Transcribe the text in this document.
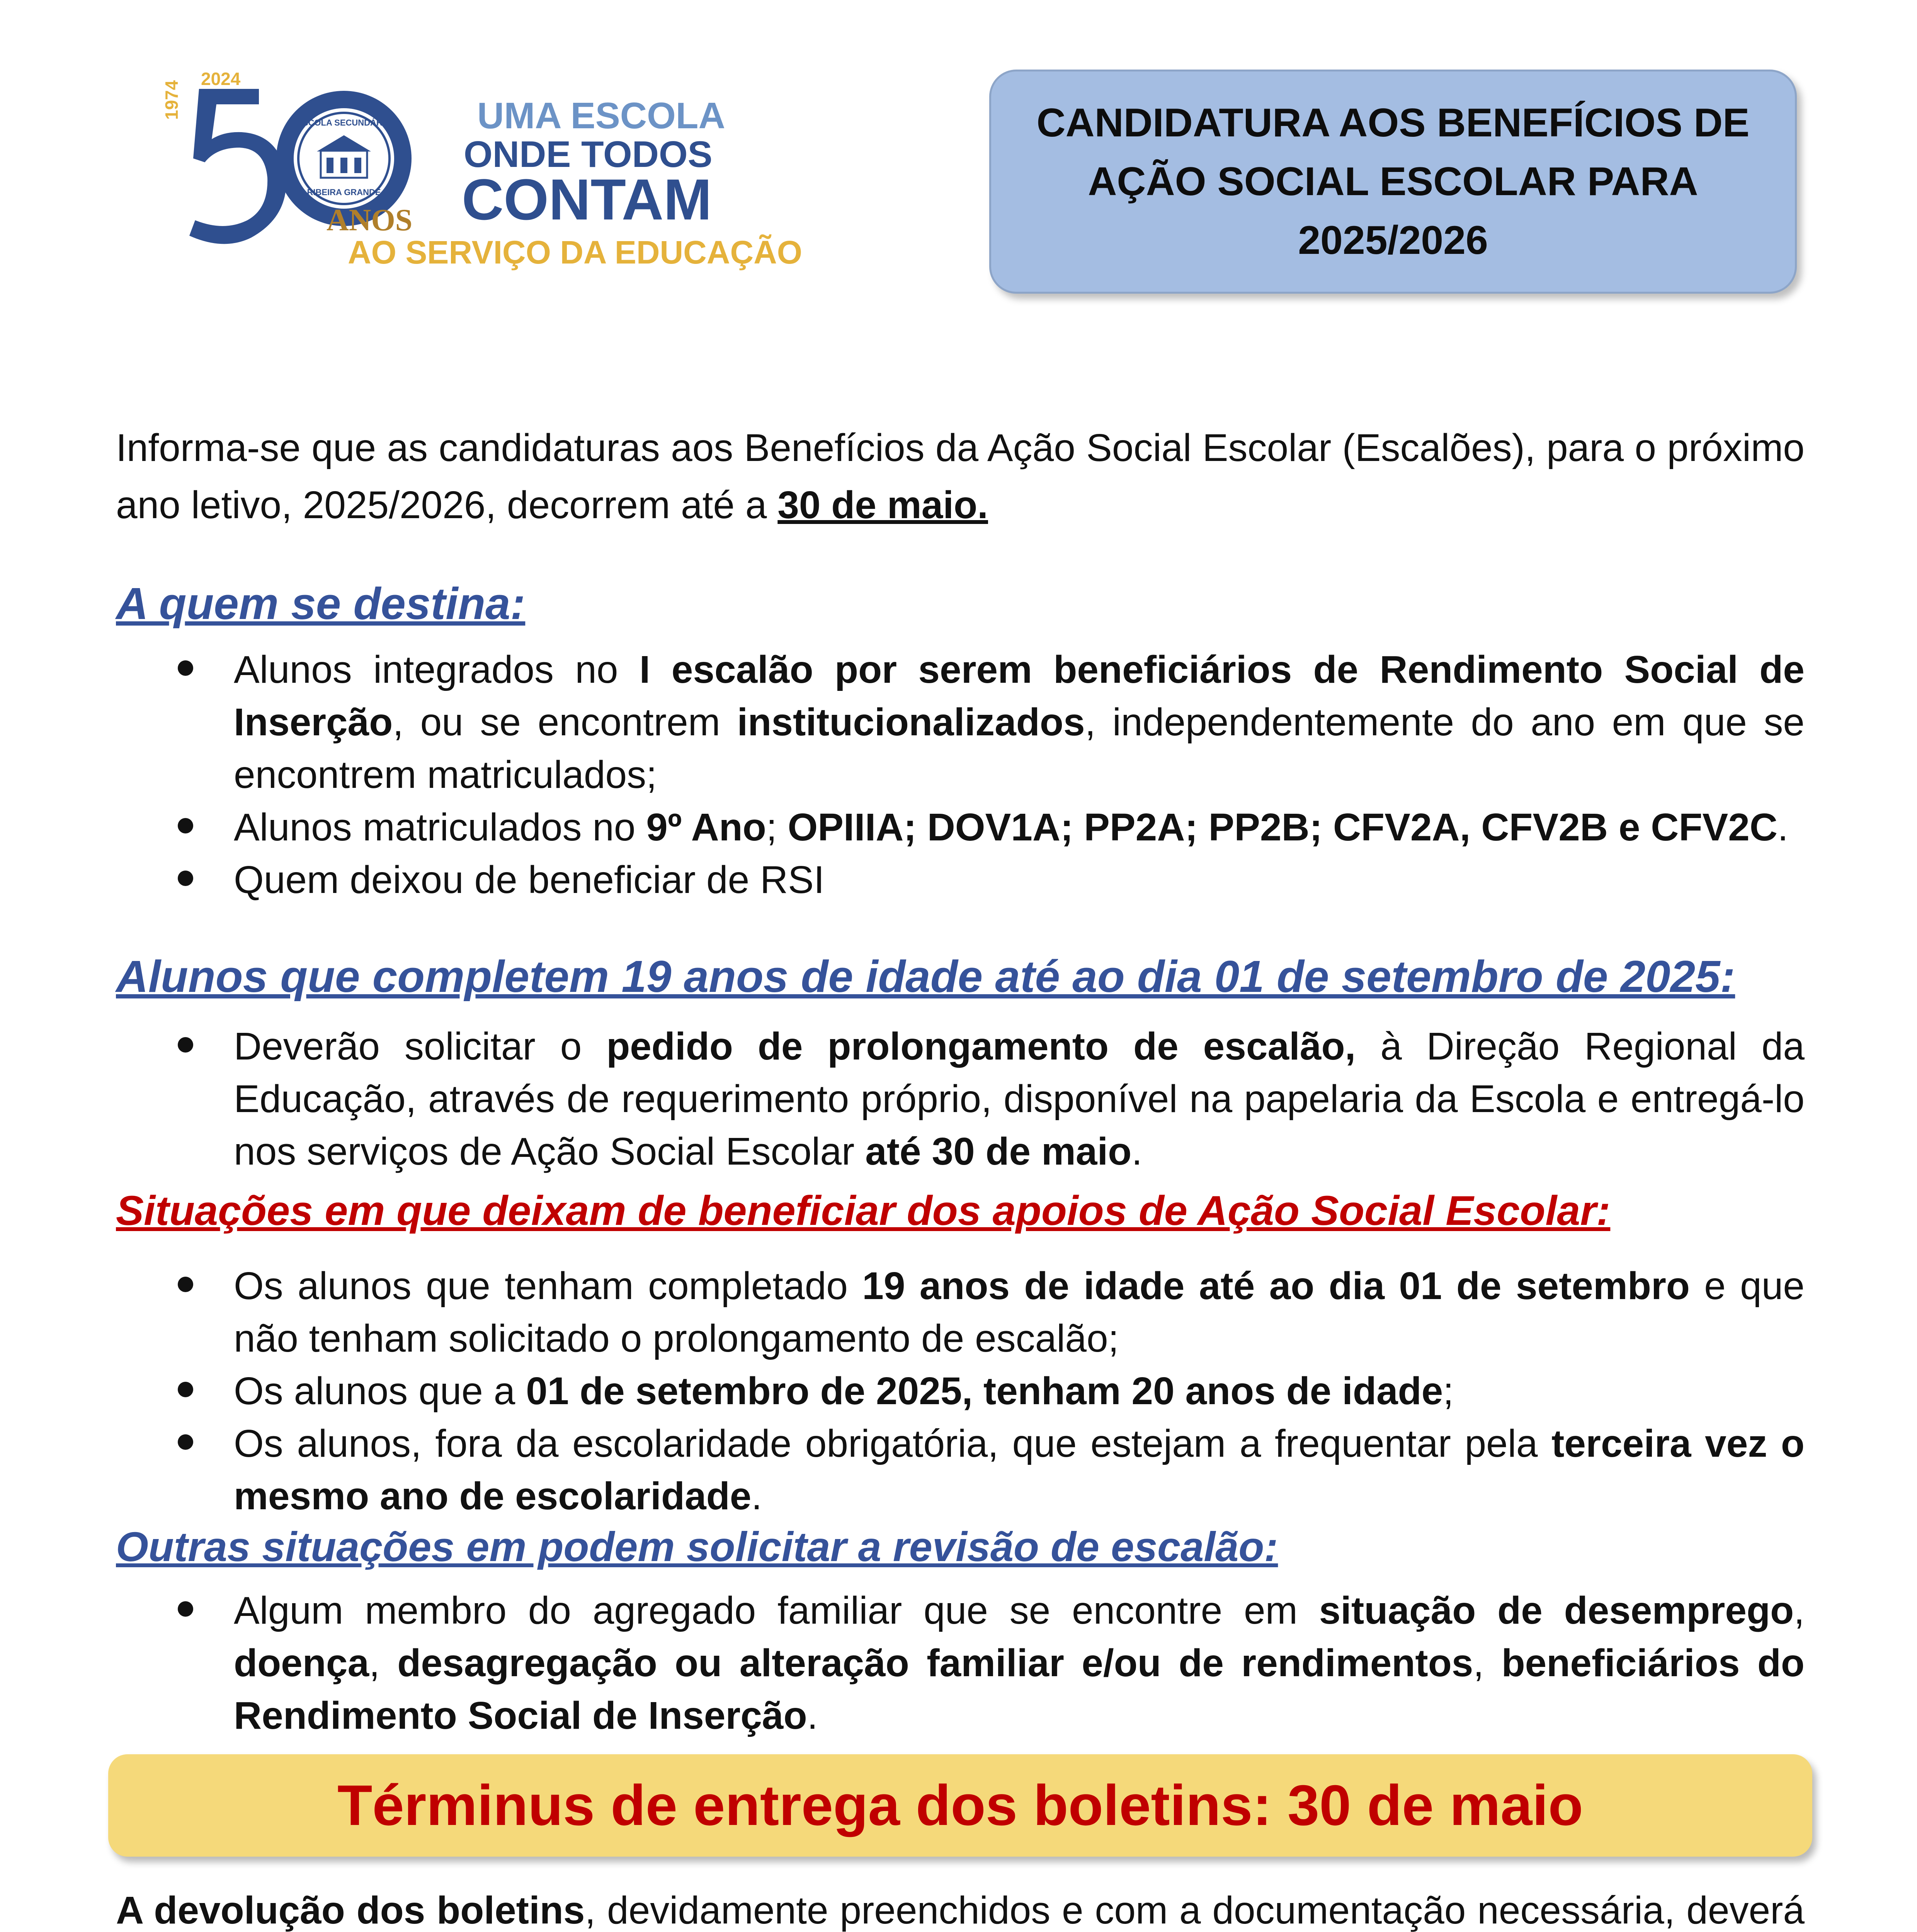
1974
2024
ESCOLA SECUNDÁRIA
RIBEIRA GRANDE
ANOS
UMA ESCOLA
ONDE TODOS
CONTAM
AO SERVIÇO DA EDUCAÇÃO
CANDIDATURA AOS BENEFÍCIOS DE AÇÃO SOCIAL ESCOLAR PARA 2025/2026
Informa-se que as candidaturas aos Benefícios da Ação Social Escolar (Escalões), para o próximo ano letivo, 2025/2026, decorrem até a 30 de maio.
A quem se destina:
Alunos integrados no I escalão por serem beneficiários de Rendimento Social de Inserção, ou se encontrem institucionalizados, independentemente do ano em que se encontrem matriculados;
Alunos matriculados no 9º Ano; OPIIIA; DOV1A; PP2A; PP2B; CFV2A, CFV2B e CFV2C.
Quem deixou de beneficiar de RSI
Alunos que completem 19 anos de idade até ao dia 01 de setembro de 2025:
Deverão solicitar o pedido de prolongamento de escalão, à Direção Regional da Educação, através de requerimento próprio, disponível na papelaria da Escola e entregá-lo nos serviços de Ação Social Escolar até 30 de maio.
Situações em que deixam de beneficiar dos apoios de Ação Social Escolar:
Os alunos que tenham completado 19 anos de idade até ao dia 01 de setembro e que não tenham solicitado o prolongamento de escalão;
Os alunos que a 01 de setembro de 2025, tenham 20 anos de idade;
Os alunos, fora da escolaridade obrigatória, que estejam a frequentar pela terceira vez o mesmo ano de escolaridade.
Outras situações em podem solicitar a revisão de escalão:
Algum membro do agregado familiar que se encontre em situação de desemprego, doença, desagregação ou alteração familiar e/ou de rendimentos, beneficiários do Rendimento Social de Inserção.
Términus de entrega dos boletins: 30 de maio
A devolução dos boletins, devidamente preenchidos e com a documentação necessária, deverá
